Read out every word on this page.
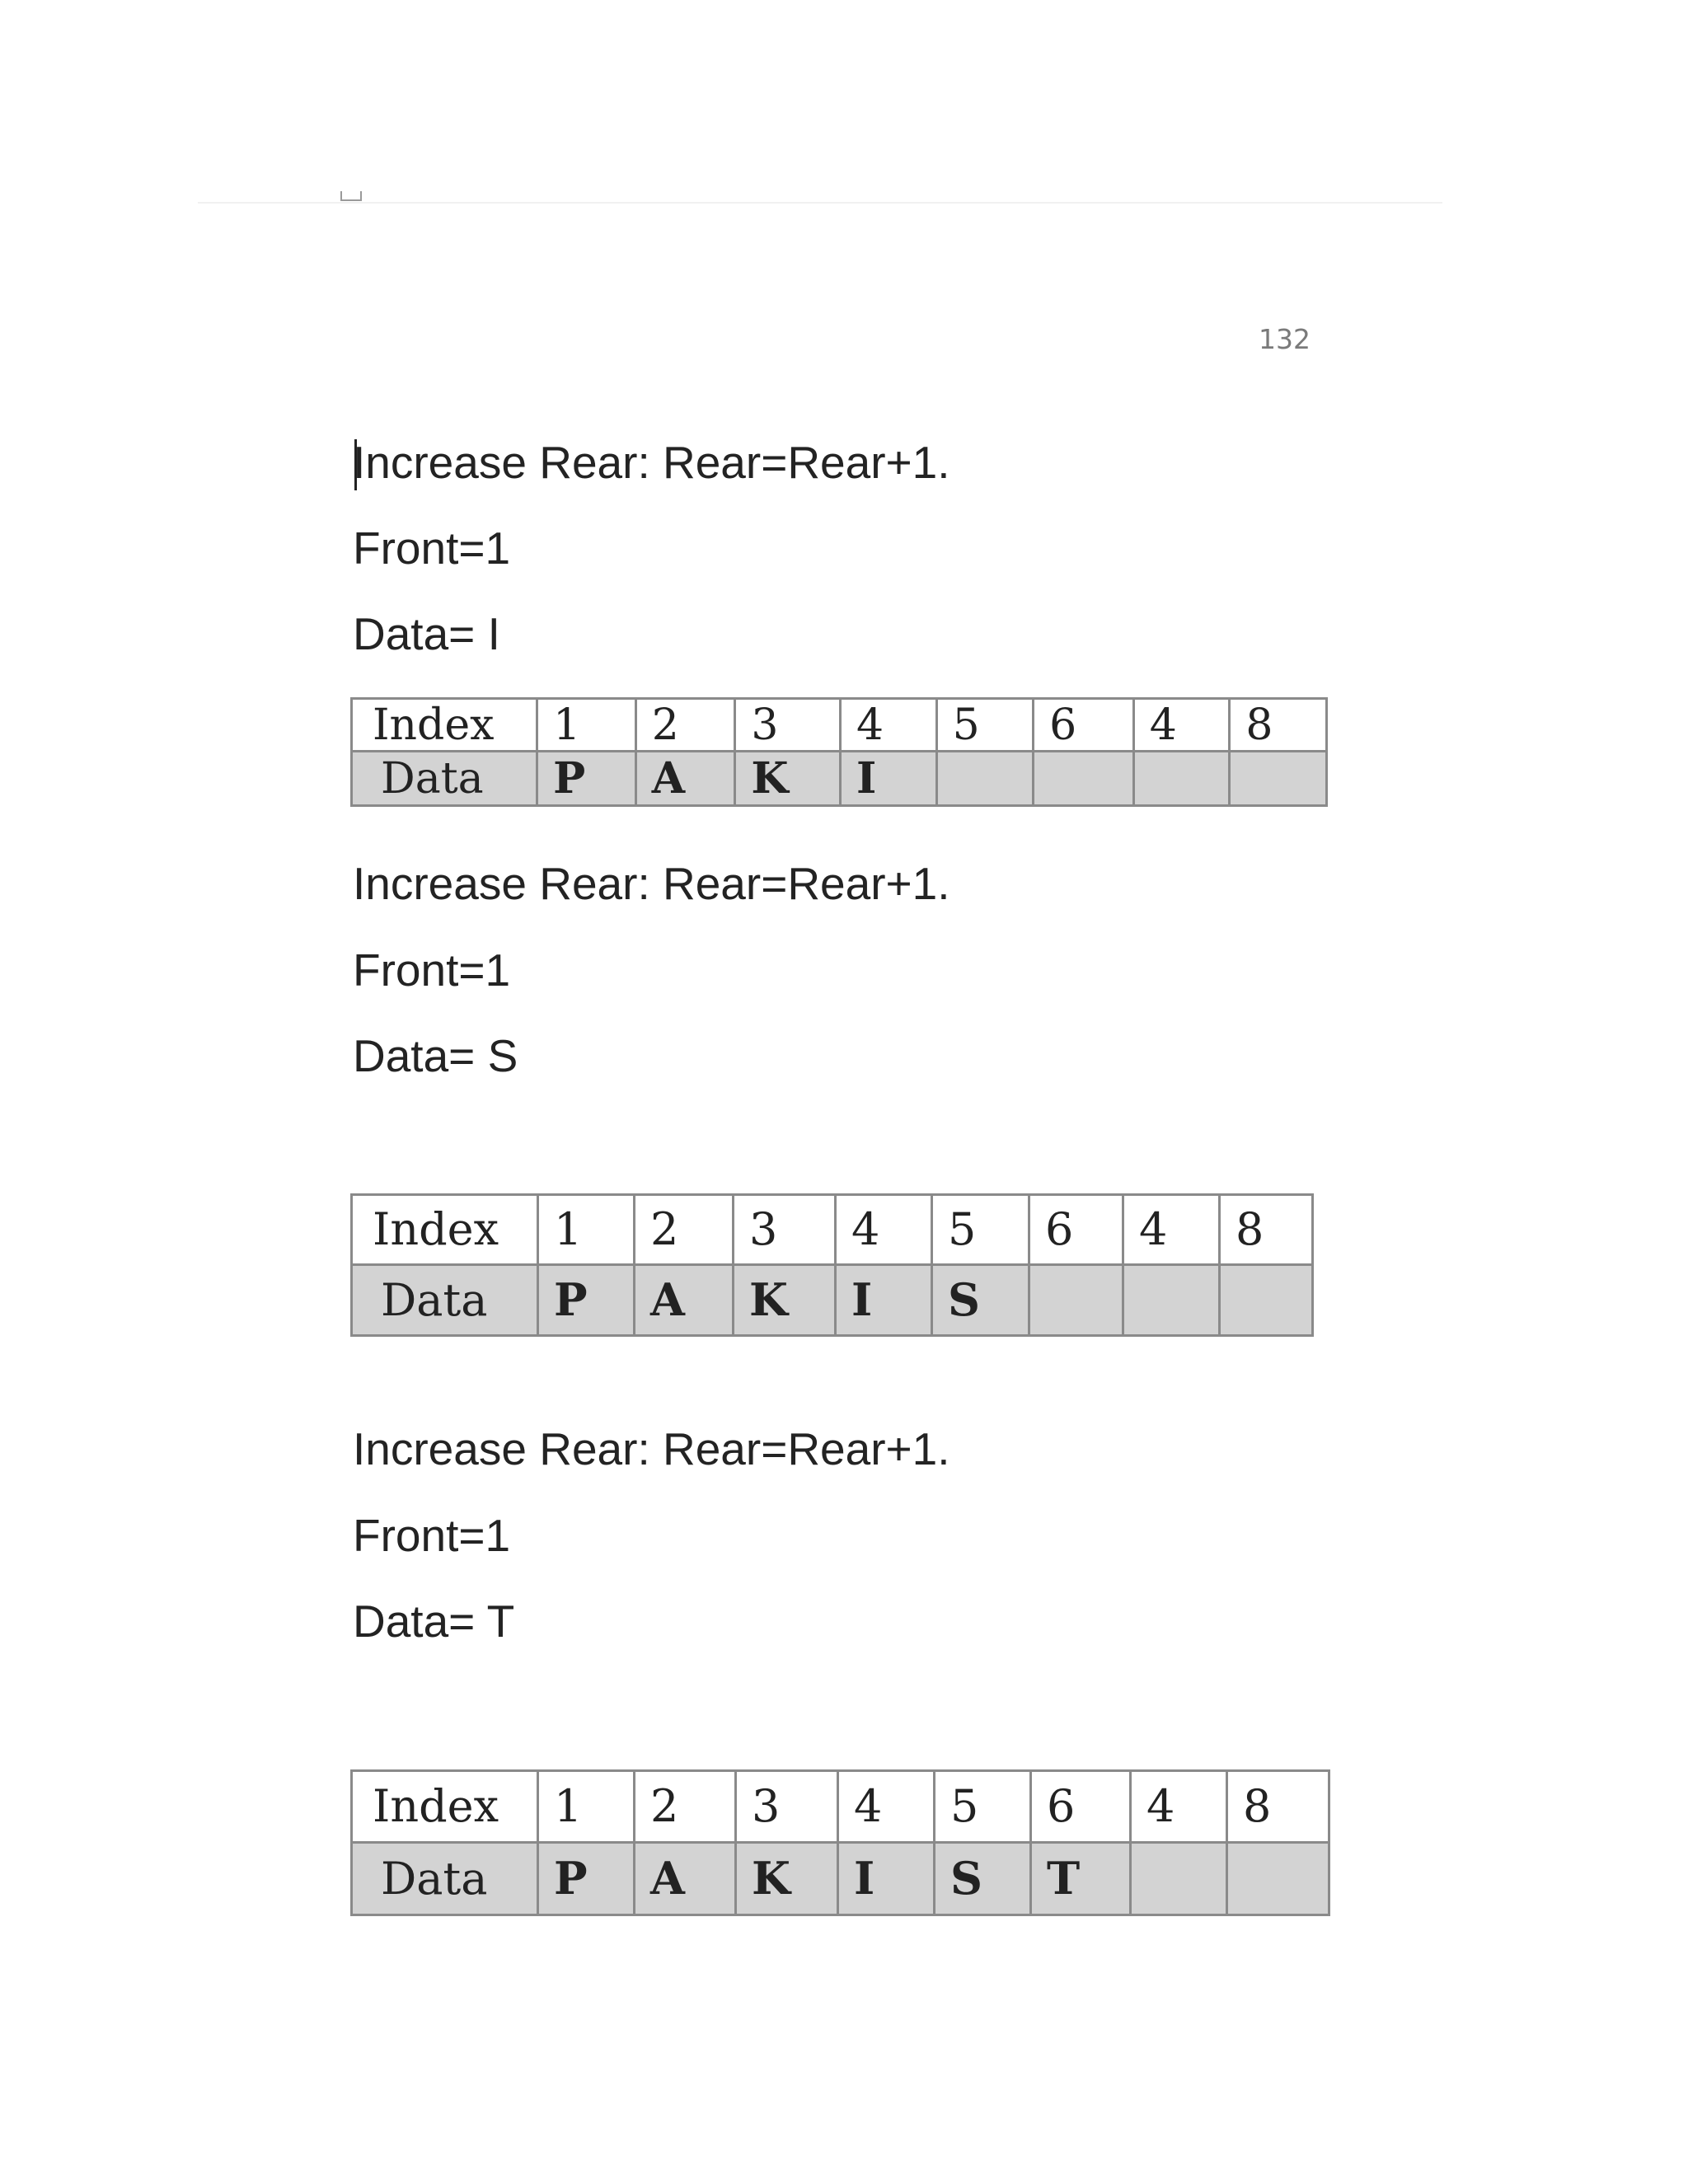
132
Increase Rear: Rear=Rear+1.
Front=1
Data= I
Index	1	2	3	4	5	6	4	8
Data	P	A	K	I				
Increase Rear: Rear=Rear+1.
Front=1
Data= S
Index	1	2	3	4	5	6	4	8
Data	P	A	K	I	S			
Increase Rear: Rear=Rear+1.
Front=1
Data= T
Index	1	2	3	4	5	6	4	8
Data	P	A	K	I	S	T		
